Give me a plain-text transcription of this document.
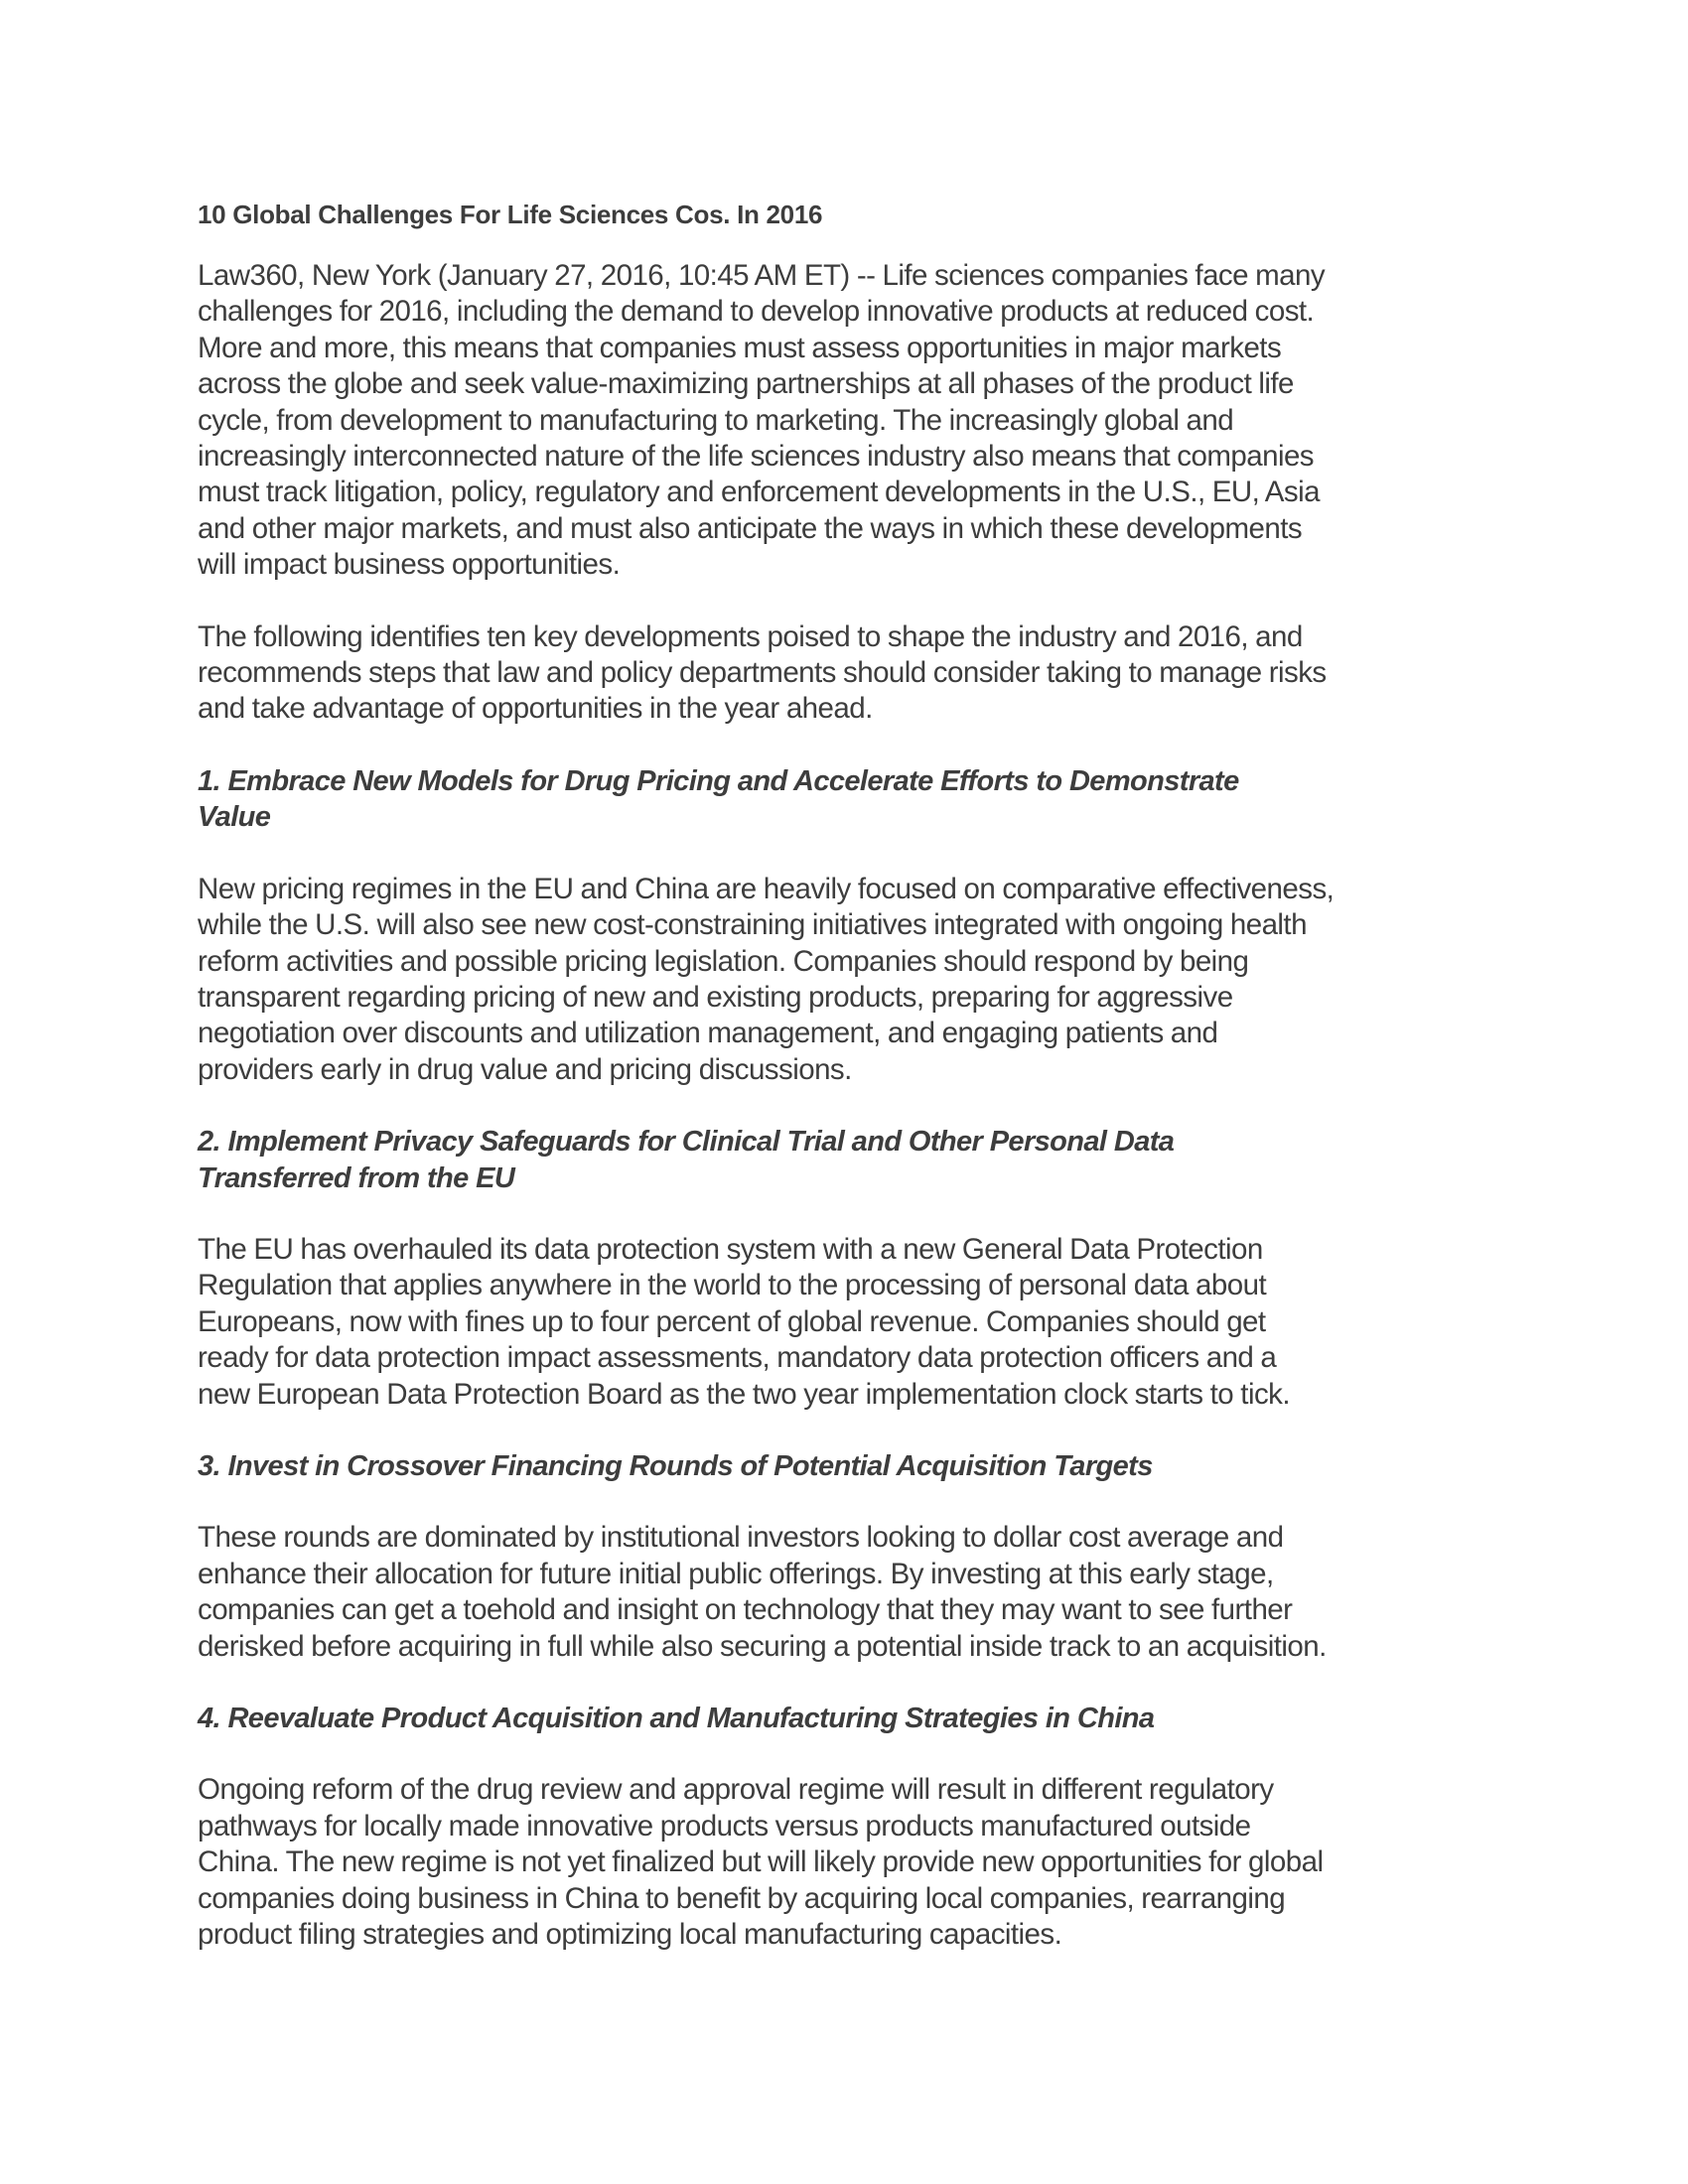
10 Global Challenges For Life Sciences Cos. In 2016

Law360, New York (January 27, 2016, 10:45 AM ET) -- Life sciences companies face many
challenges for 2016, including the demand to develop innovative products at reduced cost.
More and more, this means that companies must assess opportunities in major markets
across the globe and seek value-maximizing partnerships at all phases of the product life
cycle, from development to manufacturing to marketing. The increasingly global and
increasingly interconnected nature of the life sciences industry also means that companies
must track litigation, policy, regulatory and enforcement developments in the U.S., EU, Asia
and other major markets, and must also anticipate the ways in which these developments
will impact business opportunities.

The following identifies ten key developments poised to shape the industry and 2016, and
recommends steps that law and policy departments should consider taking to manage risks
and take advantage of opportunities in the year ahead.

1. Embrace New Models for Drug Pricing and Accelerate Efforts to Demonstrate
Value

New pricing regimes in the EU and China are heavily focused on comparative effectiveness,
while the U.S. will also see new cost-constraining initiatives integrated with ongoing health
reform activities and possible pricing legislation. Companies should respond by being
transparent regarding pricing of new and existing products, preparing for aggressive
negotiation over discounts and utilization management, and engaging patients and
providers early in drug value and pricing discussions.

2. Implement Privacy Safeguards for Clinical Trial and Other Personal Data
Transferred from the EU

The EU has overhauled its data protection system with a new General Data Protection
Regulation that applies anywhere in the world to the processing of personal data about
Europeans, now with fines up to four percent of global revenue. Companies should get
ready for data protection impact assessments, mandatory data protection officers and a
new European Data Protection Board as the two year implementation clock starts to tick.

3. Invest in Crossover Financing Rounds of Potential Acquisition Targets

These rounds are dominated by institutional investors looking to dollar cost average and
enhance their allocation for future initial public offerings. By investing at this early stage,
companies can get a toehold and insight on technology that they may want to see further
derisked before acquiring in full while also securing a potential inside track to an acquisition.

4. Reevaluate Product Acquisition and Manufacturing Strategies in China

Ongoing reform of the drug review and approval regime will result in different regulatory
pathways for locally made innovative products versus products manufactured outside
China. The new regime is not yet finalized but will likely provide new opportunities for global
companies doing business in China to benefit by acquiring local companies, rearranging
product filing strategies and optimizing local manufacturing capacities.
